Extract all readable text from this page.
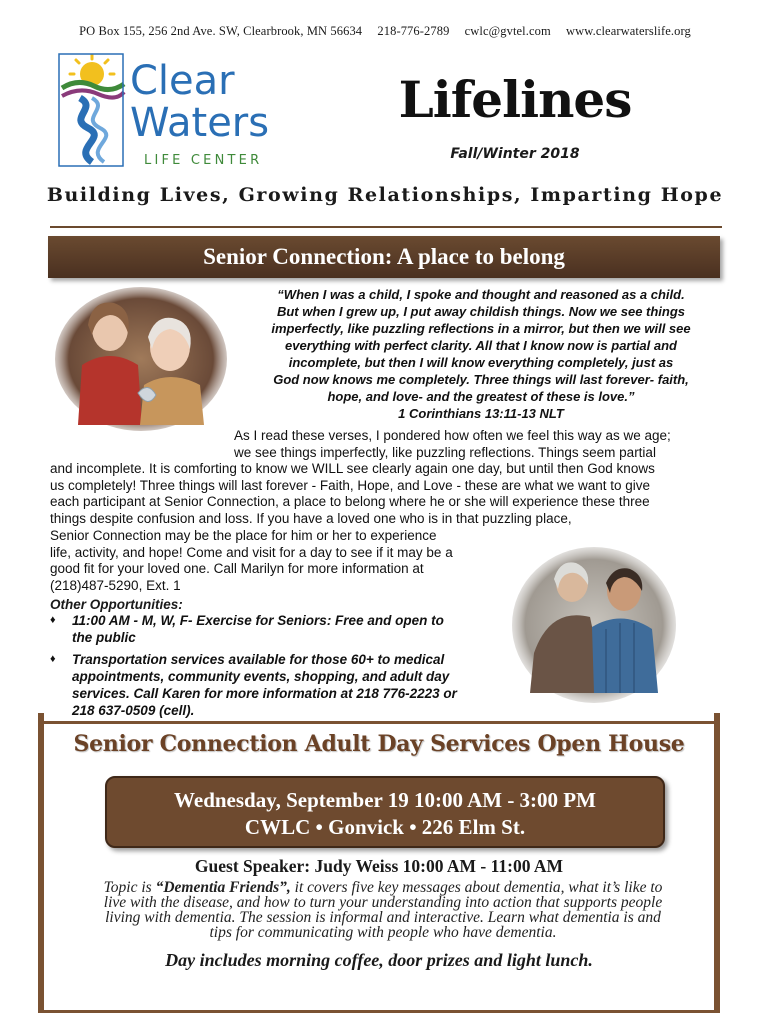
PO Box 155, 256 2nd Ave. SW, Clearbrook, MN 56634 218-776-2789 cwlc@gvtel.com www.clearwaterslife.org
Clear
Waters
LIFE CENTER
Lifelines
Fall/Winter 2018
Building Lives, Growing Relationships, Imparting Hope
Senior Connection: A place to belong
“When I was a child, I spoke and thought and reasoned as a child.
But when I grew up, I put away childish things. Now we see things
imperfectly, like puzzling reflections in a mirror, but then we will see
everything with perfect clarity. All that I know now is partial and
incomplete, but then I will know everything completely, just as
God now knows me completely. Three things will last forever- faith,
hope, and love- and the greatest of these is love.”
1 Corinthians 13:11-13 NLT
As I read these verses, I pondered how often we feel this way as we age;
we see things imperfectly, like puzzling reflections. Things seem partial
and incomplete. It is comforting to know we WILL see clearly again one day, but until then God knows
us completely! Three things will last forever - Faith, Hope, and Love - these are what we want to give
each participant at Senior Connection, a place to belong where he or she will experience these three
things despite confusion and loss. If you have a loved one who is in that puzzling place,
Senior Connection may be the place for him or her to experience
life, activity, and hope! Come and visit for a day to see if it may be a
good fit for your loved one. Call Marilyn for more information at
(218)487-5290, Ext. 1
Other Opportunities:
♦ 11:00 AM - M, W, F- Exercise for Seniors: Free and open to
the public
♦ Transportation services available for those 60+ to medical
appointments, community events, shopping, and adult day
services. Call Karen for more information at 218 776-2223 or
218 637-0509 (cell).
Senior Connection Adult Day Services Open House
Wednesday, September 19 10:00 AM - 3:00 PM
CWLC • Gonvick • 226 Elm St.
Guest Speaker: Judy Weiss 10:00 AM - 11:00 AM
Topic is “Dementia Friends”, it covers five key messages about dementia, what it’s like to
live with the disease, and how to turn your understanding into action that supports people
living with dementia. The session is informal and interactive. Learn what dementia is and
tips for communicating with people who have dementia.
Day includes morning coffee, door prizes and light lunch.
